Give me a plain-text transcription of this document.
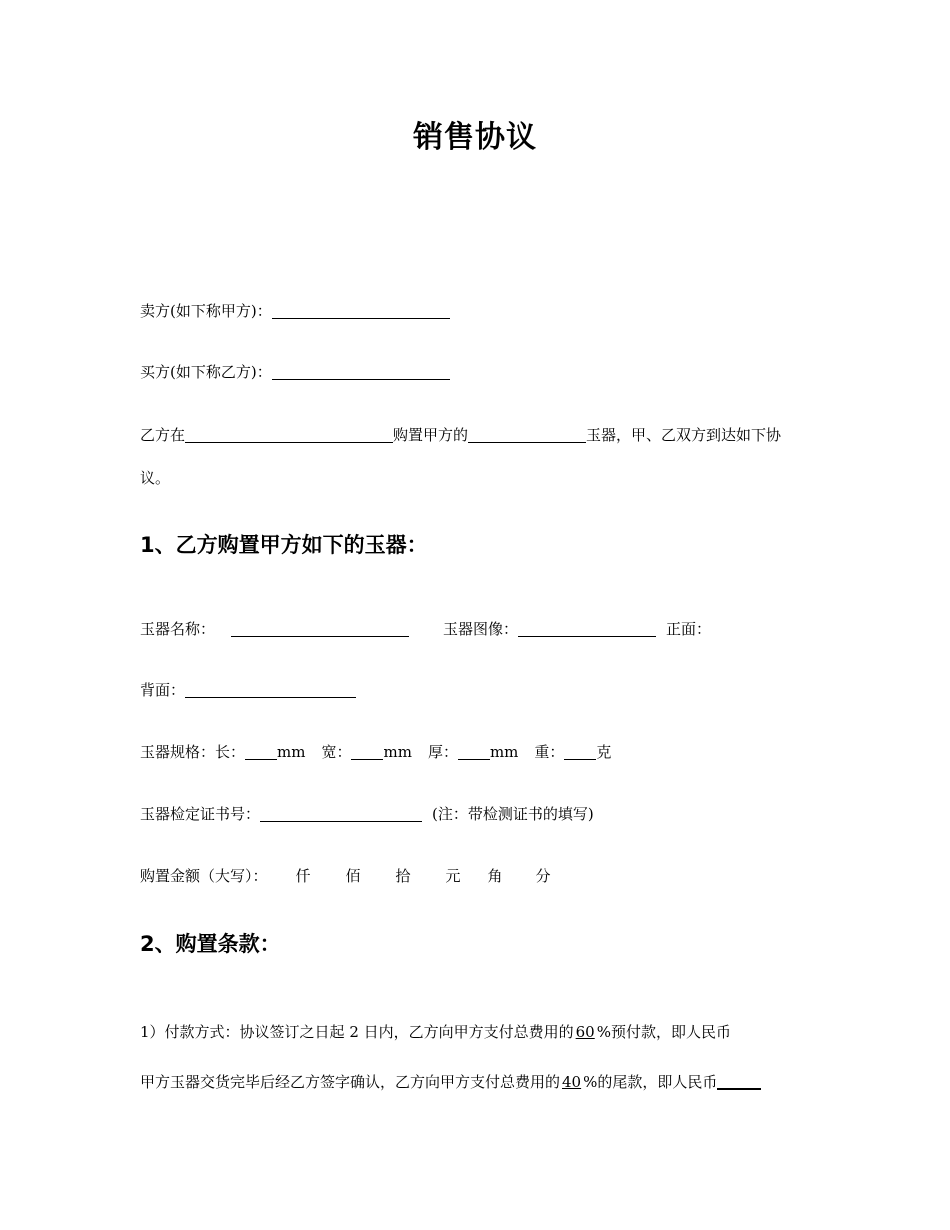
销售协议
卖方(如下称甲方)：
买方(如下称乙方)：
乙方在	购置甲方的	玉器，甲、乙双方到达如下协
议。
1、乙方购置甲方如下的玉器：
玉器名称：	玉器图像：	正面：
背面：
玉器规格：长： mm 宽： mm 厚： mm 重： 克
玉器检定证书号：	(注：带检测证书的填写)
购置金额（大写）： 仟 佰 拾 元 角 分
2、购置条款：
1）付款方式：协议签订之日起 2 日内，乙方向甲方支付总费用的 60 %预付款，即人民币
甲方玉器交货完毕后经乙方签字确认，乙方向甲方支付总费用的 40 %的尾款，即人民币
